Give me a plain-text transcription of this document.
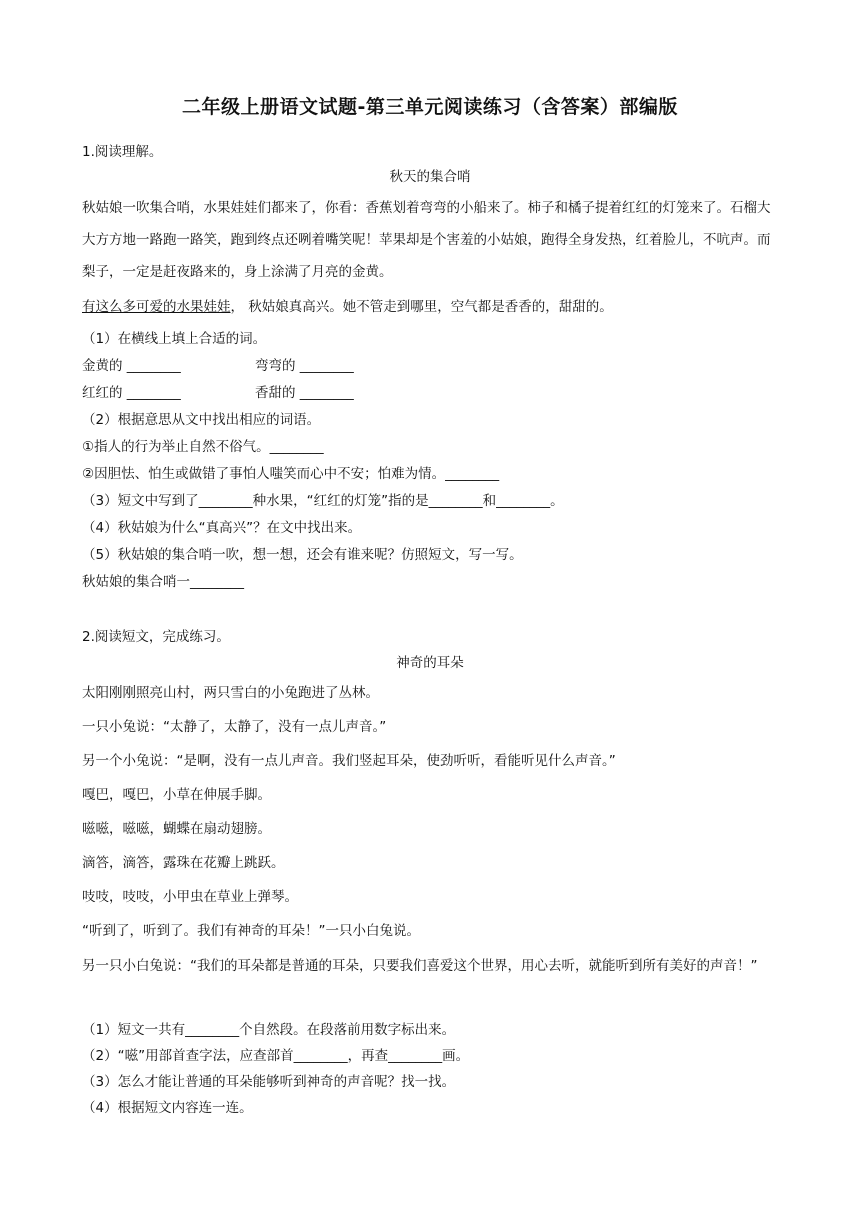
二年级上册语文试题-第三单元阅读练习（含答案）部编版
1.阅读理解。
秋天的集合哨
秋姑娘一吹集合哨，水果娃娃们都来了，你看：香蕉划着弯弯的小船来了。柿子和橘子提着红红的灯笼来了。石榴大大方方地一路跑一路笑，跑到终点还咧着嘴笑呢！苹果却是个害羞的小姑娘，跑得全身发热，红着脸儿，不吭声。而梨子，一定是赶夜路来的，身上涂满了月亮的金黄。
有这么多可爱的水果娃娃， 秋姑娘真高兴。她不管走到哪里，空气都是香香的，甜甜的。
（1）在横线上填上合适的词。
金黄的 ________	弯弯的 ________
红红的 ________	香甜的 ________
（2）根据意思从文中找出相应的词语。
①指人的行为举止自然不俗气。________
②因胆怯、怕生或做错了事怕人嗤笑而心中不安；怕难为情。________
（3）短文中写到了________种水果，“红红的灯笼”指的是________和________。
（4）秋姑娘为什么“真高兴”？在文中找出来。
（5）秋姑娘的集合哨一吹，想一想，还会有谁来呢？仿照短文，写一写。
秋姑娘的集合哨一________
2.阅读短文，完成练习。
神奇的耳朵
太阳刚刚照亮山村，两只雪白的小兔跑进了丛林。
一只小兔说：“太静了，太静了，没有一点儿声音。”
另一个小兔说：“是啊，没有一点儿声音。我们竖起耳朵，使劲听听，看能听见什么声音。”
嘎巴，嘎巴，小草在伸展手脚。
嗞嗞，嗞嗞，蝴蝶在扇动翅膀。
滴答，滴答，露珠在花瓣上跳跃。
吱吱，吱吱，小甲虫在草业上弹琴。
“听到了，听到了。我们有神奇的耳朵！”一只小白兔说。
另一只小白兔说：“我们的耳朵都是普通的耳朵，只要我们喜爱这个世界，用心去听，就能听到所有美好的声音！”
（1）短文一共有________个自然段。在段落前用数字标出来。
（2）“嗞”用部首查字法，应查部首________，再查________画。
（3）怎么才能让普通的耳朵能够听到神奇的声音呢？找一找。
（4）根据短文内容连一连。
